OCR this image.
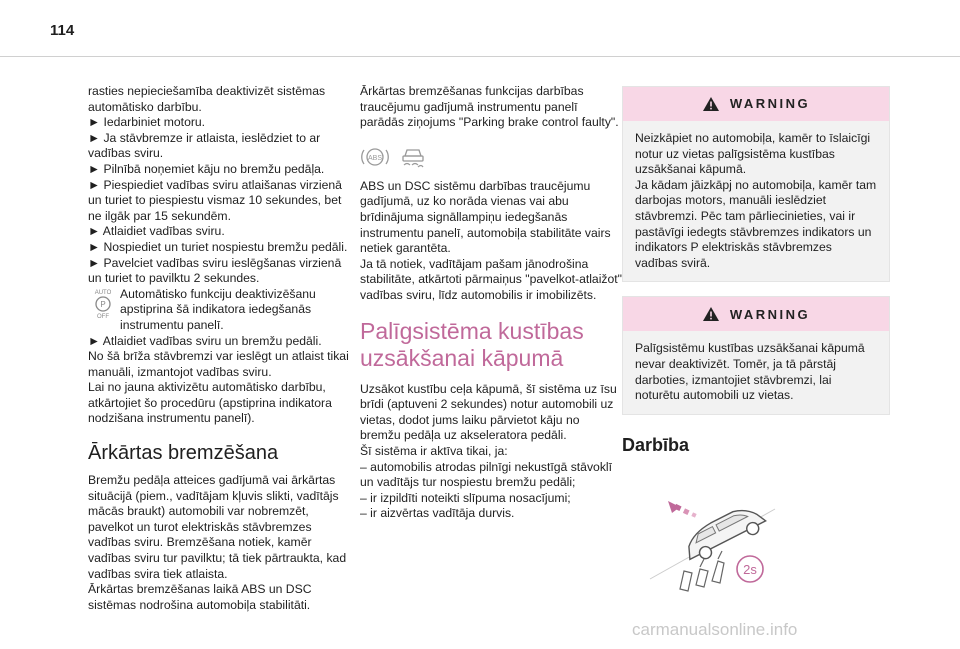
114

rasties nepieciešamība deaktivizēt sistēmas automātisko darbību.

► Iedarbiniet motoru.

► Ja stāvbremze ir atlaista, ieslēdziet to ar vadības sviru.

► Pilnībā noņemiet kāju no bremžu pedāļa.

► Piespiediet vadības sviru atlaišanas virzienā un turiet to piespiestu vismaz 10 sekundes, bet ne ilgāk par 15 sekundēm.

► Atlaidiet vadības sviru.

► Nospiediet un turiet nospiestu bremžu pedāli.

► Pavelciet vadības sviru ieslēgšanas virzienā un turiet to pavilktu 2 sekundes.

AUTO
P
OFF

Automātisko funkciju deaktivizēšanu apstiprina šā indikatora iedegšanās instrumentu panelī.

► Atlaidiet vadības sviru un bremžu pedāli.

No šā brīža stāvbremzi var ieslēgt un atlaist tikai manuāli, izmantojot vadības sviru.

Lai no jauna aktivizētu automātisko darbību, atkārtojiet šo procedūru (apstiprina indikatora nodzišana instrumentu panelī).

Ārkārtas bremzēšana

Bremžu pedāļa atteices gadījumā vai ārkārtas situācijā (piem., vadītājam kļuvis slikti, vadītājs mācās braukt) automobili var nobremzēt, pavelkot un turot elektriskās stāvbremzes vadības sviru. Bremzēšana notiek, kamēr vadības sviru tur pavilktu; tā tiek pārtraukta, kad vadības svira tiek atlaista.

Ārkārtas bremzēšanas laikā ABS un DSC sistēmas nodrošina automobiļa stabilitāti.

Ārkārtas bremzēšanas funkcijas darbības traucējumu gadījumā instrumentu panelī parādās ziņojums "Parking brake control faulty".

ABS

ABS un DSC sistēmu darbības traucējumu gadījumā, uz ko norāda vienas vai abu brīdinājuma signāllampiņu iedegšanās instrumentu panelī, automobiļa stabilitāte vairs netiek garantēta.

Ja tā notiek, vadītājam pašam jānodrošina stabilitāte, atkārtoti pārmaiņus "pavelkot-atlaižot" vadības sviru, līdz automobilis ir imobilizēts.

Palīgsistēma kustības uzsākšanai kāpumā

Uzsākot kustību ceļa kāpumā, šī sistēma uz īsu brīdi (aptuveni 2 sekundes) notur automobili uz vietas, dodot jums laiku pārvietot kāju no bremžu pedāļa uz akseleratora pedāli.

Šī sistēma ir aktīva tikai, ja:

– automobilis atrodas pilnīgi nekustīgā stāvoklī un vadītājs tur nospiestu bremžu pedāli;

– ir izpildīti noteikti slīpuma nosacījumi;

– ir aizvērtas vadītāja durvis.

WARNING

Neizkāpiet no automobiļa, kamēr to īslaicīgi notur uz vietas palīgsistēma kustības uzsākšanai kāpumā.

Ja kādam jāizkāpj no automobiļa, kamēr tam darbojas motors, manuāli ieslēdziet stāvbremzi. Pēc tam pārliecinieties, vai ir pastāvīgi iedegts stāvbremzes indikators un indikators P elektriskās stāvbremzes vadības svirā.

WARNING

Palīgsistēmu kustības uzsākšanai kāpumā nevar deaktivizēt. Tomēr, ja tā pārstāj darboties, izmantojiet stāvbremzi, lai noturētu automobili uz vietas.

Darbība
2s
carmanualsonline.info
